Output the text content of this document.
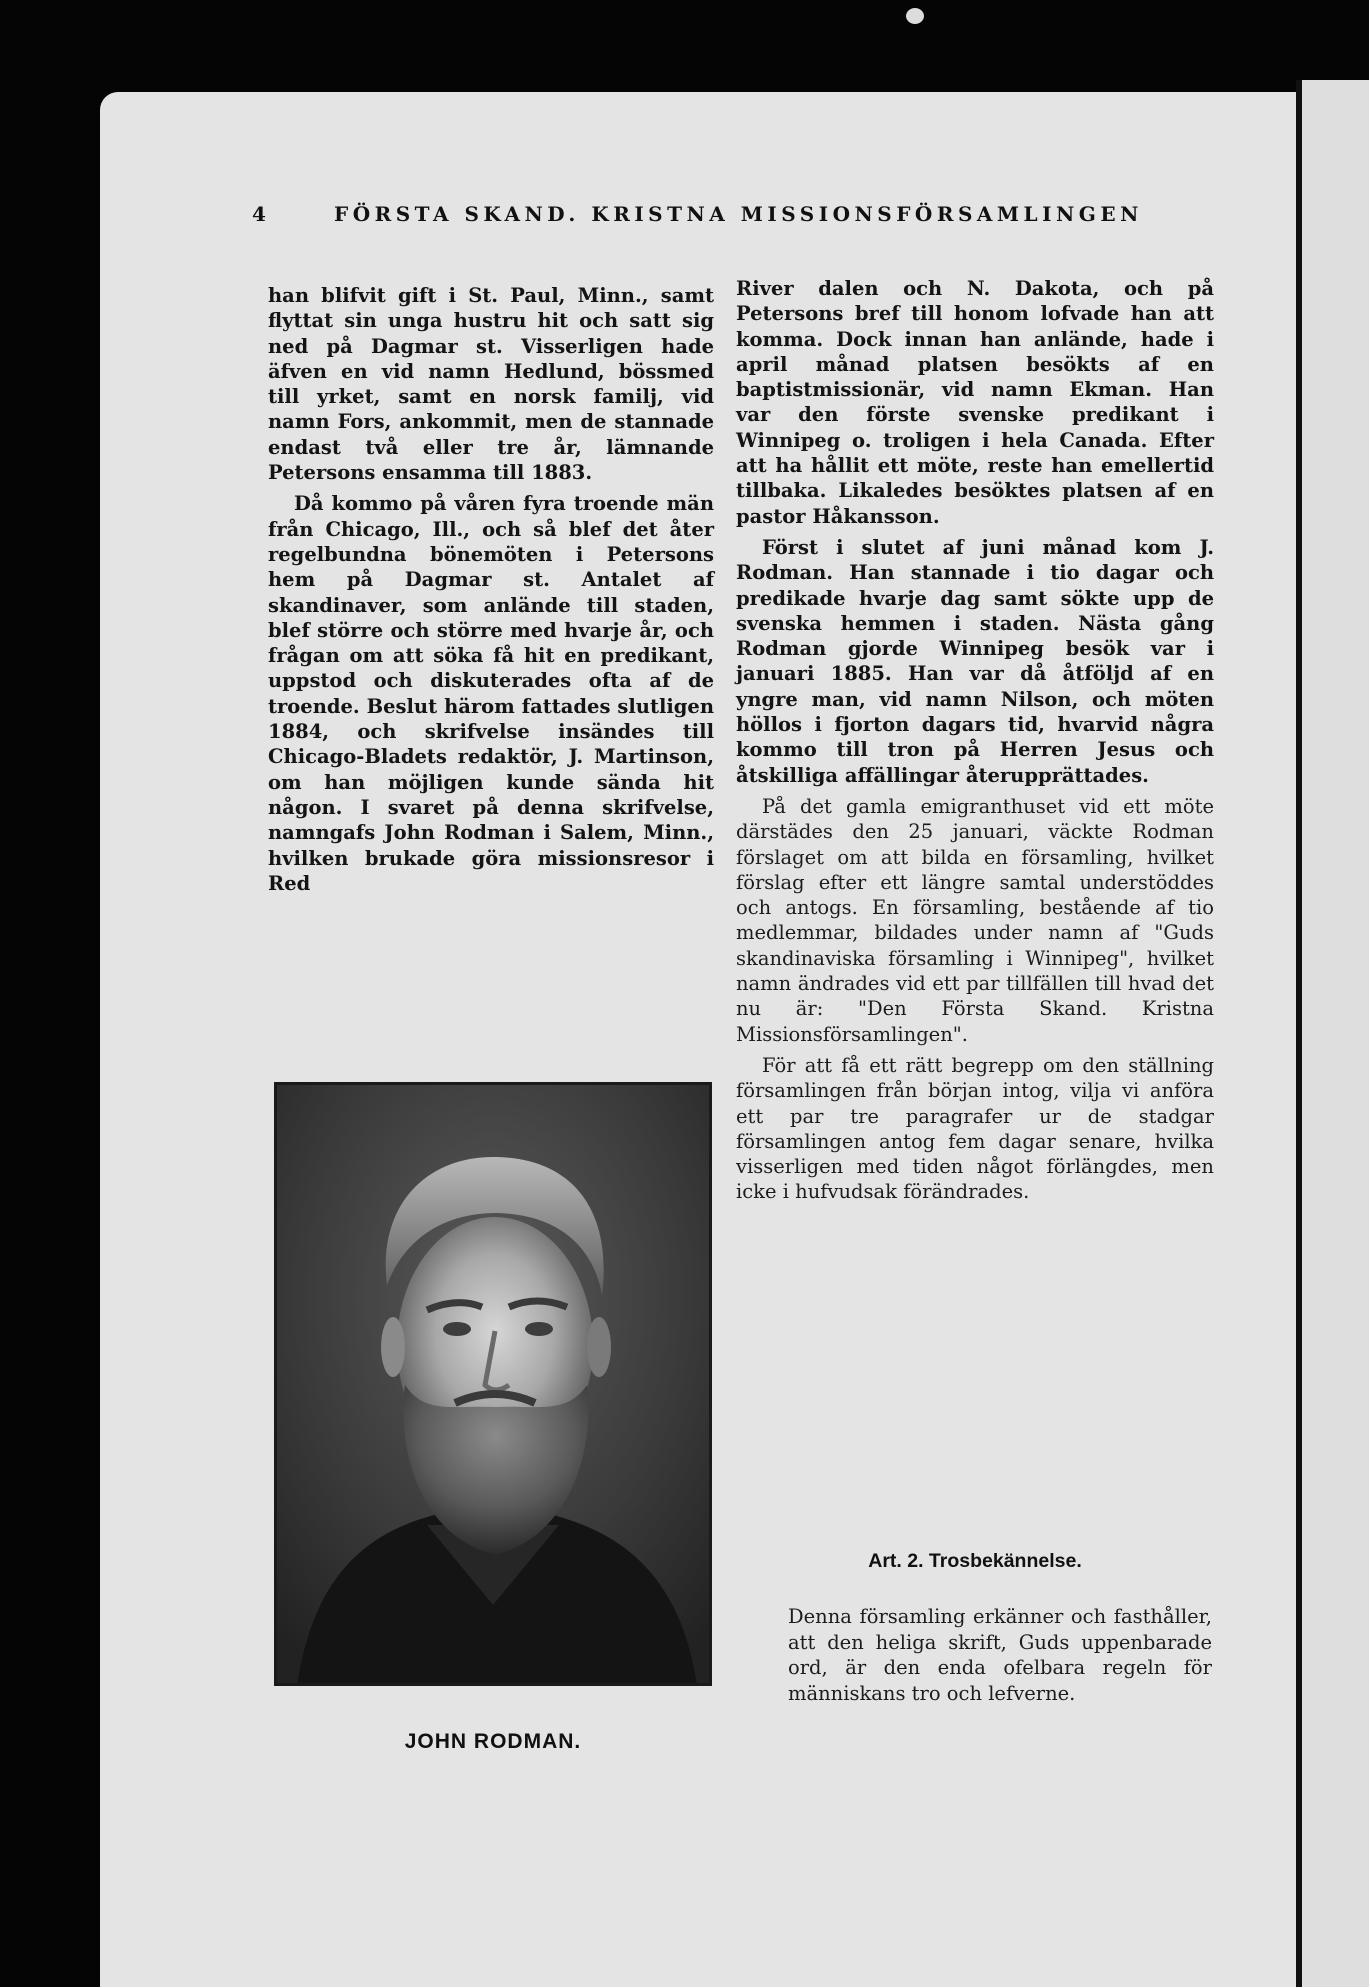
4	FÖRSTA SKAND. KRISTNA MISSIONSFÖRSAMLINGEN

han blifvit gift i St. Paul, Minn., samt flyttat sin unga hustru hit och satt sig ned på Dagmar st. Visserligen hade äfven en vid namn Hedlund, bössmed till yrket, samt en norsk familj, vid namn Fors, ankommit, men de stannade endast två eller tre år, lämnande Petersons ensamma till 1883.

Då kommo på våren fyra troende män från Chicago, Ill., och så blef det åter regelbundna bönemöten i Petersons hem på Dagmar st. Antalet af skandinaver, som anlände till staden, blef större och större med hvarje år, och frågan om att söka få hit en predikant, uppstod och diskuterades ofta af de troende. Beslut härom fattades slutligen 1884, och skrifvelse insändes till Chicago-Bladets redaktör, J. Martinson, om han möjligen kunde sända hit någon. I svaret på denna skrifvelse, namngafs John Rodman i Salem, Minn., hvilken brukade göra missionsresor i Red

River dalen och N. Dakota, och på Petersons bref till honom lofvade han att komma. Dock innan han anlände, hade i april månad platsen besökts af en baptistmissionär, vid namn Ekman. Han var den förste svenske predikant i Winnipeg o. troligen i hela Canada. Efter att ha hållit ett möte, reste han emellertid tillbaka. Likaledes besöktes platsen af en pastor Håkansson.

Först i slutet af juni månad kom J. Rodman. Han stannade i tio dagar och predikade hvarje dag samt sökte upp de svenska hemmen i staden. Nästa gång Rodman gjorde Winnipeg besök var i januari 1885. Han var då åtföljd af en yngre man, vid namn Nilson, och möten höllos i fjorton dagars tid, hvarvid några kommo till tron på Herren Jesus och åtskilliga affällingar återupprättades.

På det gamla emigranthuset vid ett möte därstädes den 25 januari, väckte Rodman förslaget om att bilda en församling, hvilket förslag efter ett längre samtal understöddes och antogs. En församling, bestående af tio medlemmar, bildades under namn af "Guds skandinaviska församling i Winnipeg", hvilket namn ändrades vid ett par tillfällen till hvad det nu är: "Den Första Skand. Kristna Missionsförsamlingen".

För att få ett rätt begrepp om den ställning församlingen från början intog, vilja vi anföra ett par tre paragrafer ur de stadgar församlingen antog fem dagar senare, hvilka visserligen med tiden något förlängdes, men icke i hufvudsak förändrades.

JOHN RODMAN.
Art. 2. Trosbekännelse.

Denna församling erkänner och fasthåller, att den heliga skrift, Guds uppenbarade ord, är den enda ofelbara regeln för människans tro och lefverne.
